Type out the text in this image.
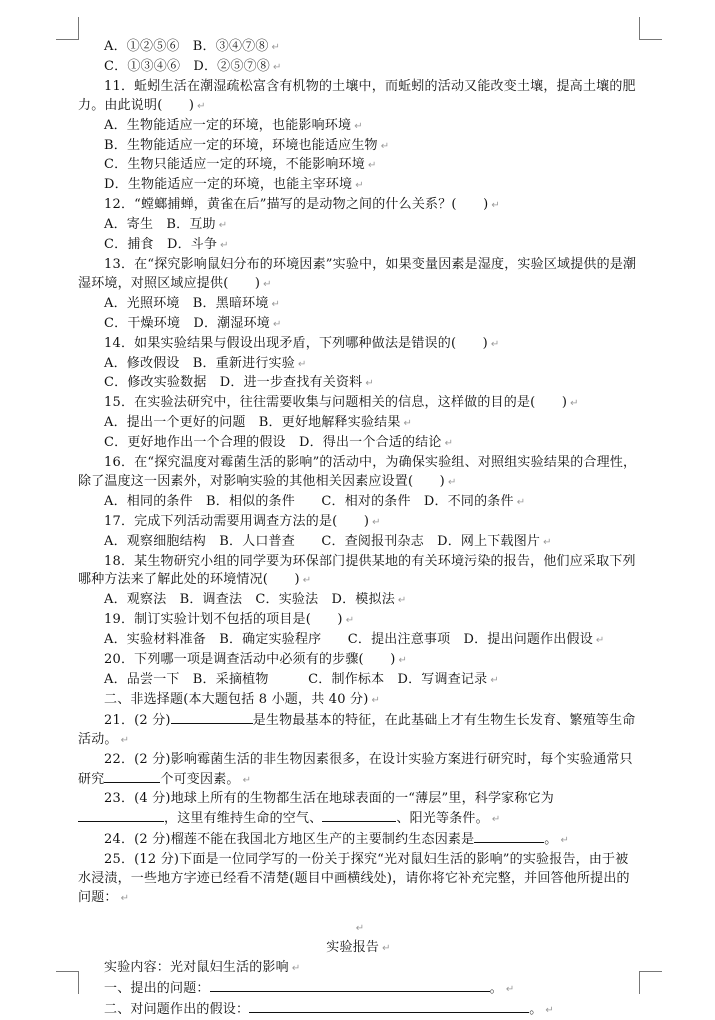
A．①②⑤⑥　B．③④⑦⑧ ↵
C．①③④⑥　D．②⑤⑦⑧ ↵
11．蚯蚓生活在潮湿疏松富含有机物的土壤中，而蚯蚓的活动又能改变土壤，提高土壤的肥力。由此说明(　　) ↵
A．生物能适应一定的环境，也能影响环境 ↵
B．生物能适应一定的环境，环境也能适应生物 ↵
C．生物只能适应一定的环境，不能影响环境 ↵
D．生物能适应一定的环境，也能主宰环境 ↵
12．“螳螂捕蝉，黄雀在后”描写的是动物之间的什么关系？(　　) ↵
A．寄生　B．互助 ↵
C．捕食　D．斗争 ↵
13．在“探究影响鼠妇分布的环境因素”实验中，如果变量因素是湿度，实验区域提供的是潮湿环境，对照区域应提供(　　) ↵
A．光照环境　B．黑暗环境 ↵
C．干燥环境　D．潮湿环境 ↵
14．如果实验结果与假设出现矛盾，下列哪种做法是错误的(　　) ↵
A．修改假设　B．重新进行实验 ↵
C．修改实验数据　D．进一步查找有关资料 ↵
15．在实验法研究中，往往需要收集与问题相关的信息，这样做的目的是(　　) ↵
A．提出一个更好的问题　B．更好地解释实验结果 ↵
C．更好地作出一个合理的假设　D．得出一个合适的结论 ↵
16．在“探究温度对霉菌生活的影响”的活动中，为确保实验组、对照组实验结果的合理性，除了温度这一因素外，对影响实验的其他相关因素应设置(　　) ↵
A．相同的条件　B．相似的条件　　C．相对的条件　D．不同的条件 ↵
17．完成下列活动需要用调查方法的是(　　) ↵
A．观察细胞结构　B．人口普查　　C．查阅报刊杂志　D．网上下载图片 ↵
18．某生物研究小组的同学要为环保部门提供某地的有关环境污染的报告，他们应采取下列哪种方法来了解此处的环境情况(　　) ↵
A．观察法　B．调查法　C．实验法　D．模拟法 ↵
19．制订实验计划不包括的项目是(　　) ↵
A．实验材料准备　B．确定实验程序　　C．提出注意事项　D．提出问题作出假设 ↵
20．下列哪一项是调查活动中必须有的步骤(　　) ↵
A．品尝一下　B．采摘植物　　　C．制作标本　D．写调查记录 ↵
二、非选择题(本大题包括 8 小题，共 40 分) ↵
21．(2 分)	是生物最基本的特征，在此基础上才有生物生长发育、繁殖等生命活动。 ↵
22．(2 分)影响霉菌生活的非生物因素很多，在设计实验方案进行研究时，每个实验通常只研究	个可变因素。 ↵
23．(4 分)地球上所有的生物都生活在地球表面的一“薄层”里，科学家称它为，这里有维持生命的空气、	、阳光等条件。 ↵
24．(2 分)榴莲不能在我国北方地区生产的主要制约生态因素是	。 ↵
25．(12 分)下面是一位同学写的一份关于探究“光对鼠妇生活的影响”的实验报告，由于被水浸渍，一些地方字迹已经看不清楚(题目中画横线处)，请你将它补充完整，并回答他所提出的问题： ↵
↵
实验报告 ↵
实验内容：光对鼠妇生活的影响 ↵
一、提出的问题：	。 ↵
二、对问题作出的假设：	。 ↵
